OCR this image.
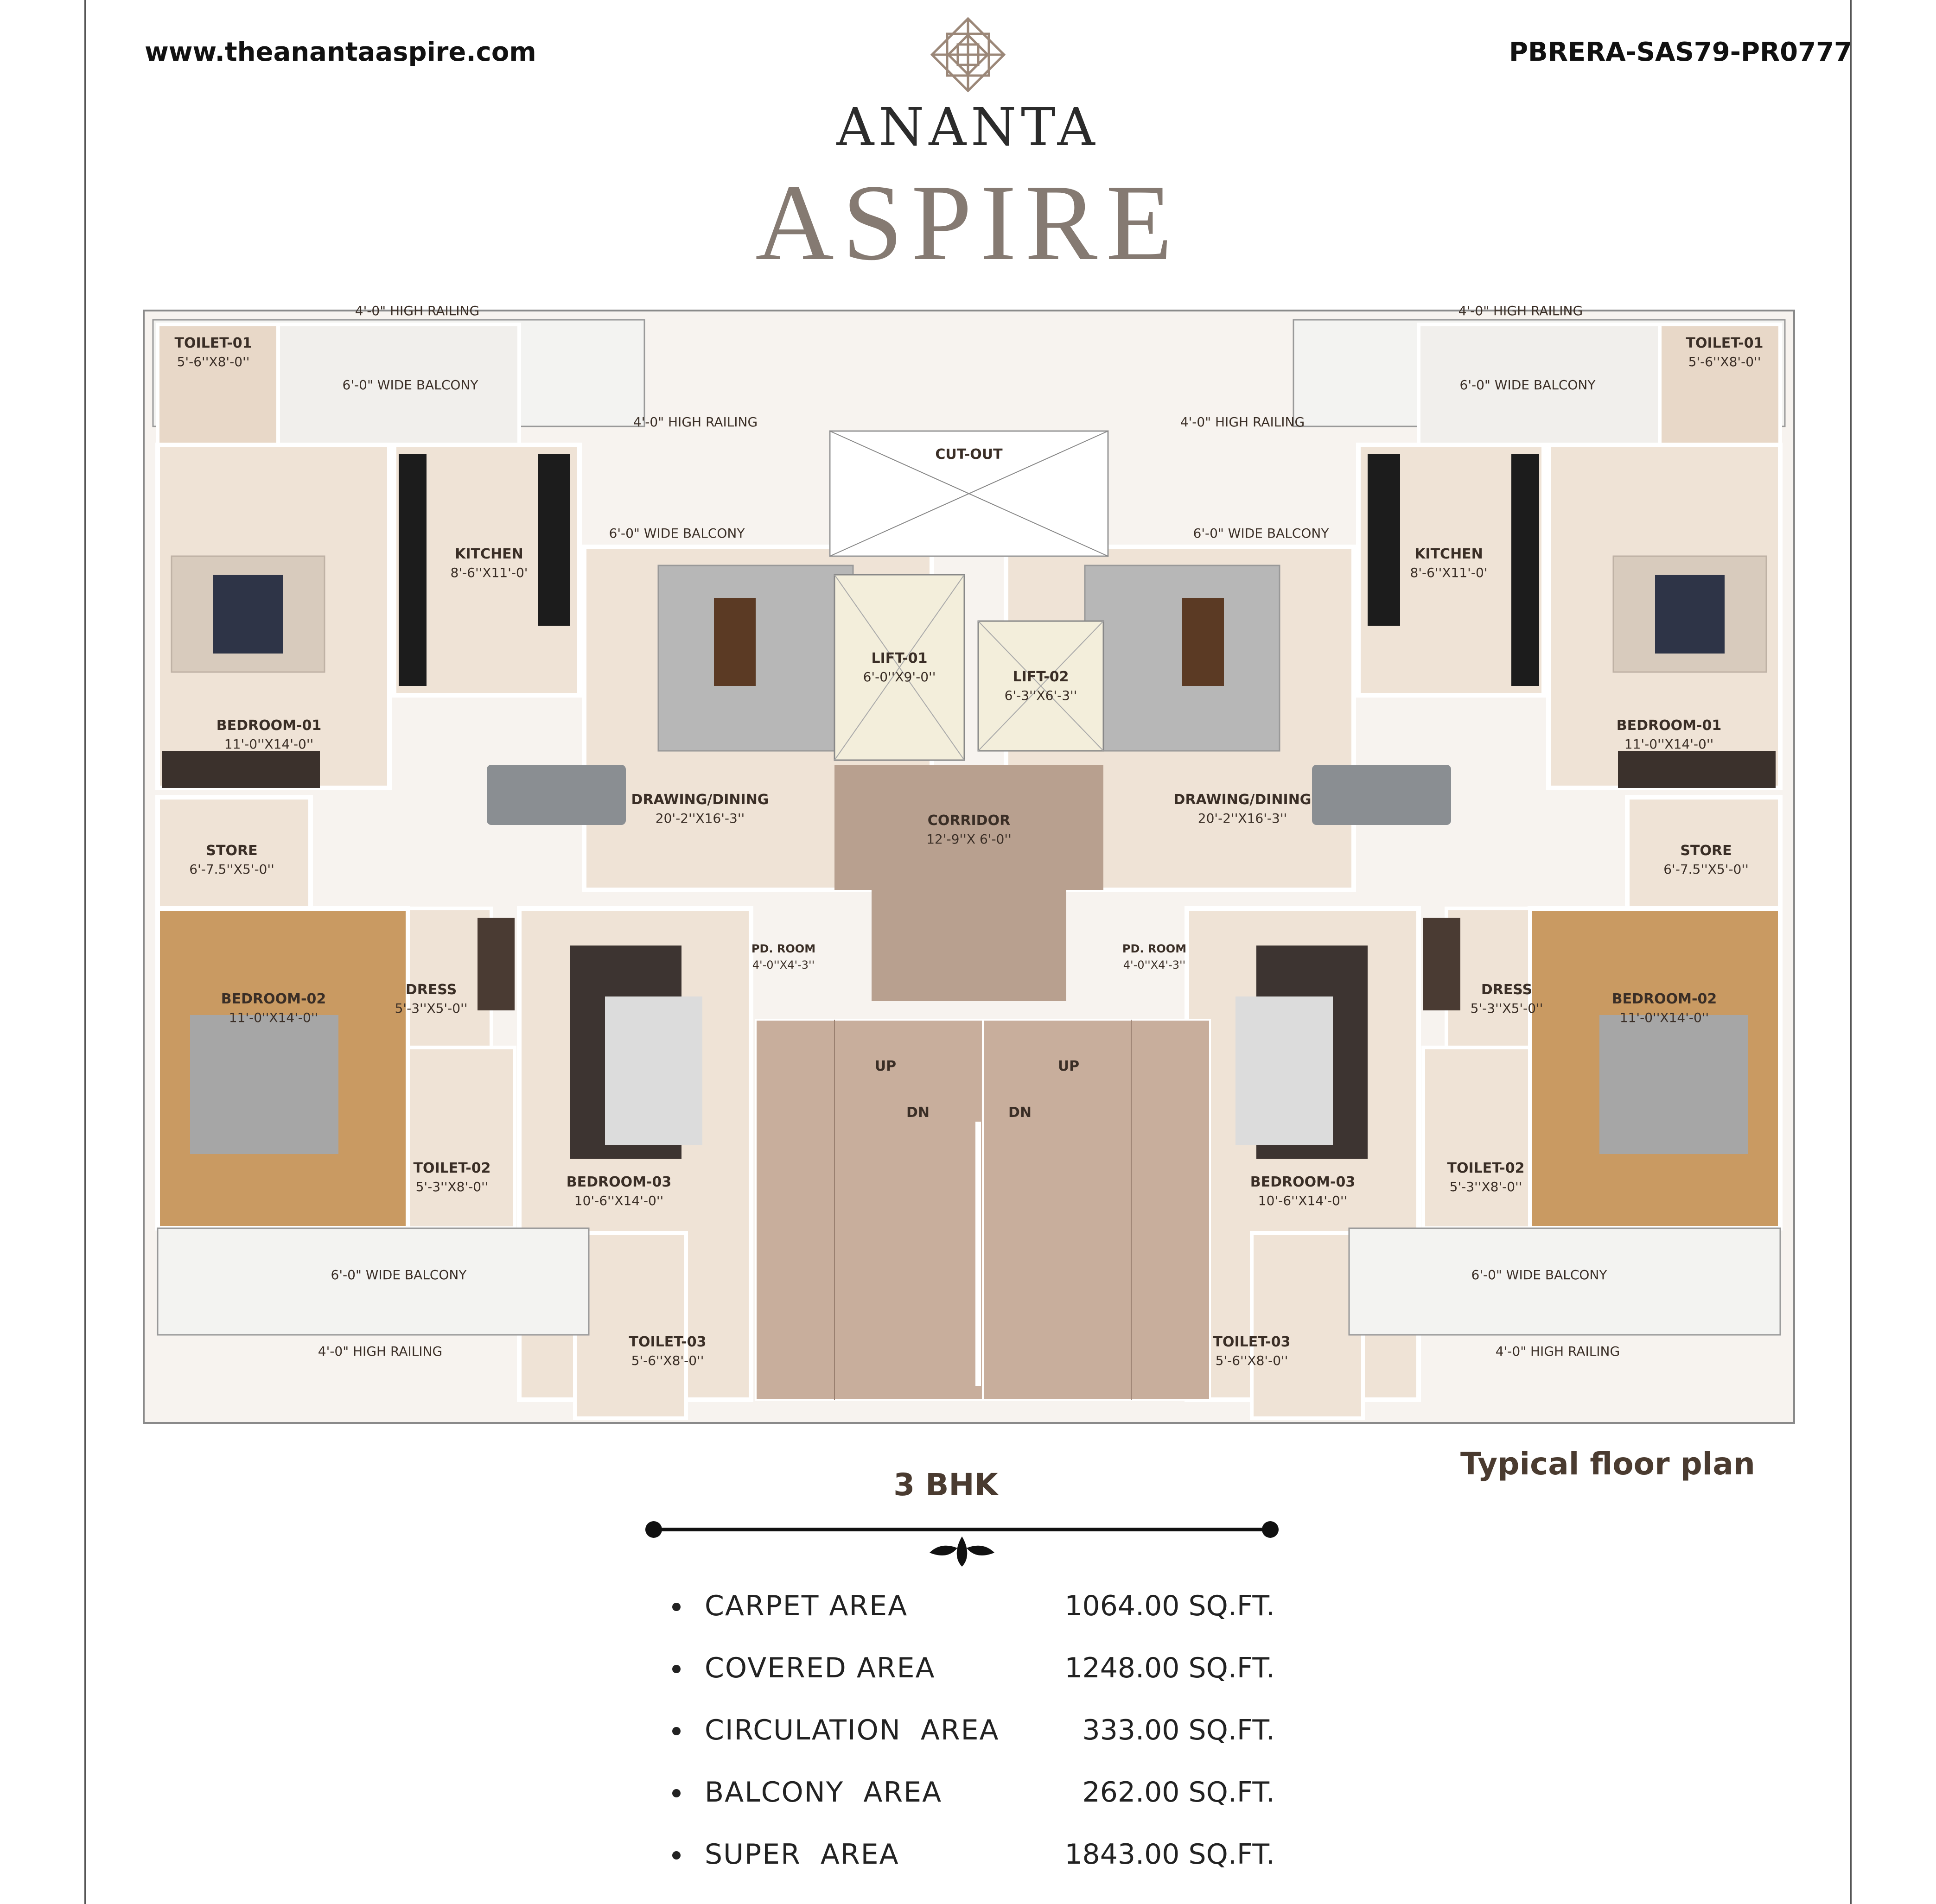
www.theanantaaspire.com	PBRERA-SAS79-PR0777
ANANTA
ASPIRE
TOILET-01
5'-6''X8'-0''
KITCHEN
8'-6''X11'-0'
BEDROOM-01
11'-0''X14'-0''
STORE
6'-7.5''X5'-0''
DRAWING/DINING
20'-2''X16'-3''
BEDROOM-02
11'-0''X14'-0''
DRESS
5'-3''X5'-0''
TOILET-02
5'-3''X8'-0''	BEDROOM-03
10'-6''X14'-0''
TOILET-03
5'-6''X8'-0''
PD. ROOM
4'-0''X4'-3''
TOILET-01
5'-6''X8'-0''
KITCHEN
8'-6''X11'-0'
BEDROOM-01
11'-0''X14'-0''
STORE
6'-7.5''X5'-0''
DRAWING/DINING
20'-2''X16'-3''
BEDROOM-02
11'-0''X14'-0''
DRESS
5'-3''X5'-0''
TOILET-02
5'-3''X8'-0''
BEDROOM-03
10'-6''X14'-0''
TOILET-03
5'-6''X8'-0''
PD. ROOM
4'-0''X4'-3''
CUT-OUT
LIFT-01
6'-0''X9'-0''	LIFT-02
6'-3''X6'-3''
CORRIDOR
12'-9''X 6'-0''
UP	UP
DN	DN
4'-0" HIGH RAILING	4'-0" HIGH RAILING
4'-0" HIGH RAILING	4'-0" HIGH RAILING
6'-0" WIDE BALCONY	6'-0" WIDE BALCONY
6'-0" WIDE BALCONY	6'-0" WIDE BALCONY
6'-0" WIDE BALCONY	6'-0" WIDE BALCONY
4'-0" HIGH RAILING	4'-0" HIGH RAILING
Typical floor plan
3 BHK
CARPET AREA	1064.00 SQ.FT.
COVERED AREA	1248.00 SQ.FT.
CIRCULATION  AREA	333.00 SQ.FT.
BALCONY  AREA	262.00 SQ.FT.
SUPER  AREA	1843.00 SQ.FT.
